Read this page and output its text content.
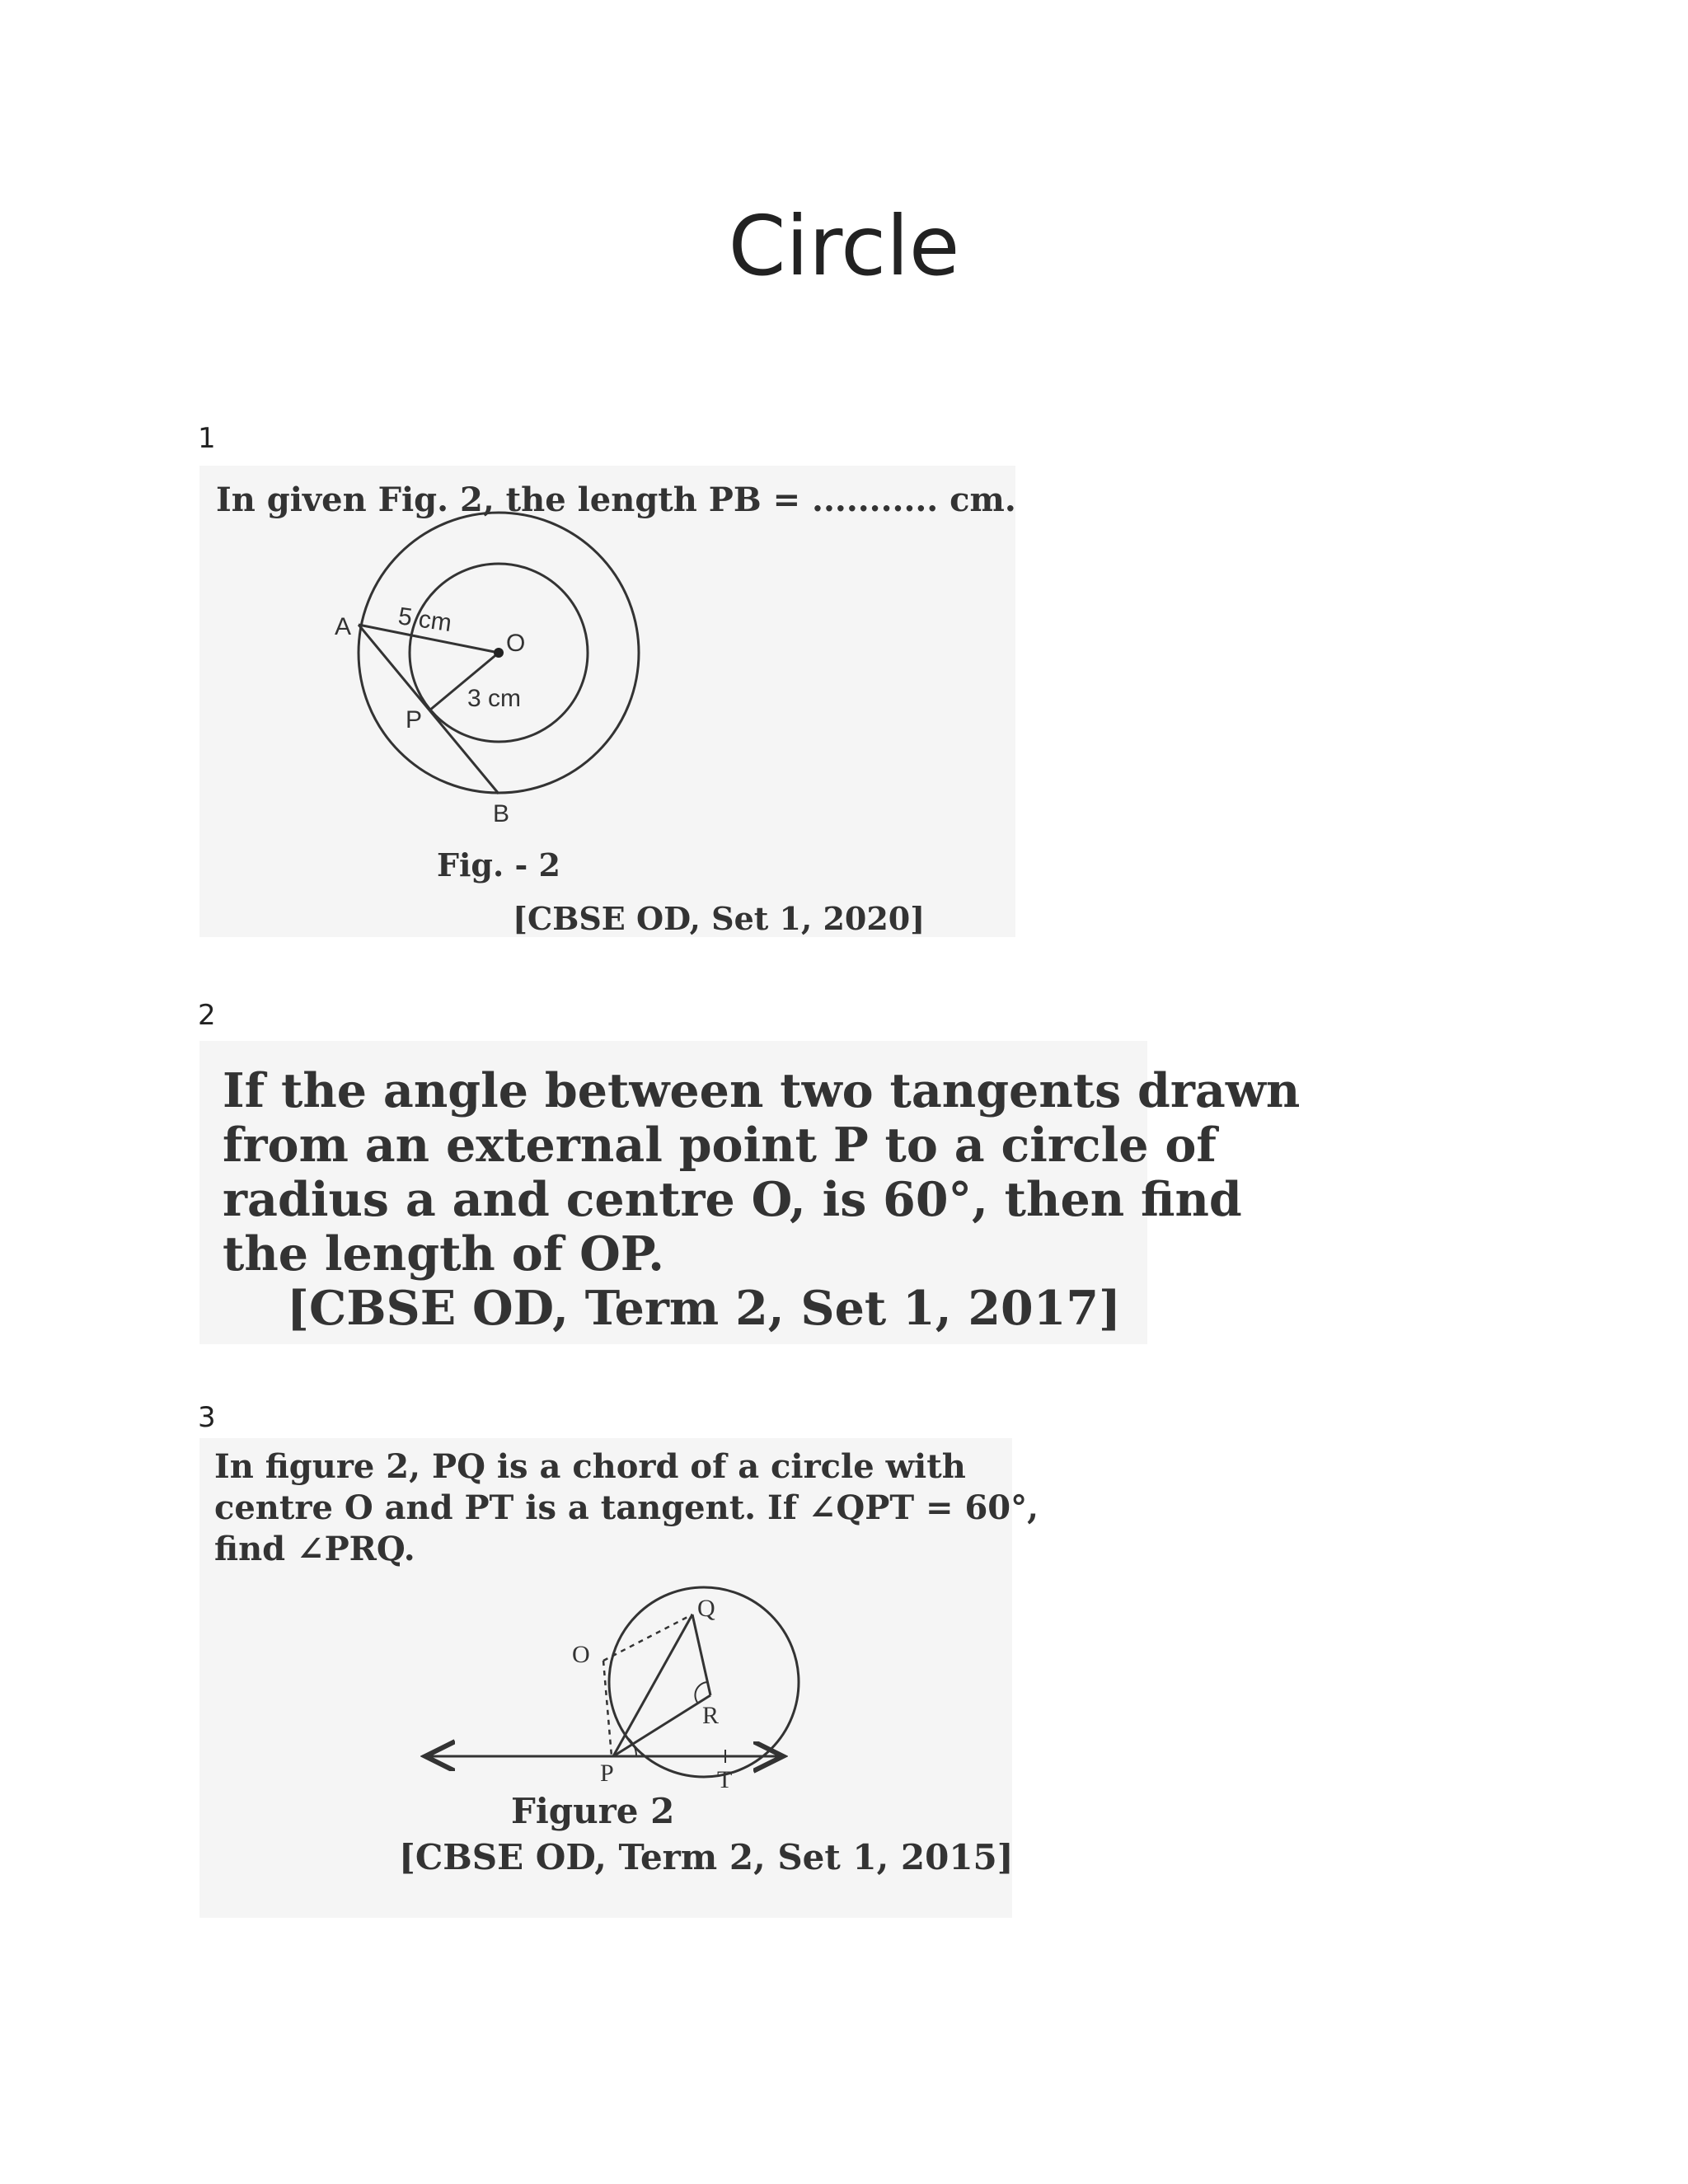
Circle
1
In given Fig. 2, the length PB = ........... cm.
A
O
P
B
5 cm
3 cm
Fig. - 2
[CBSE OD, Set 1, 2020]
2
If the angle between two tangents drawn
from an external point P to a circle of
radius a and centre O, is 60°, then find
the length of OP.
[CBSE OD, Term 2, Set 1, 2017]
3
In figure 2, PQ is a chord of a circle with
centre O and PT is a tangent. If ∠QPT = 60°,
find ∠PRQ.
O
Q
R
P	T
Figure 2
[CBSE OD, Term 2, Set 1, 2015]
